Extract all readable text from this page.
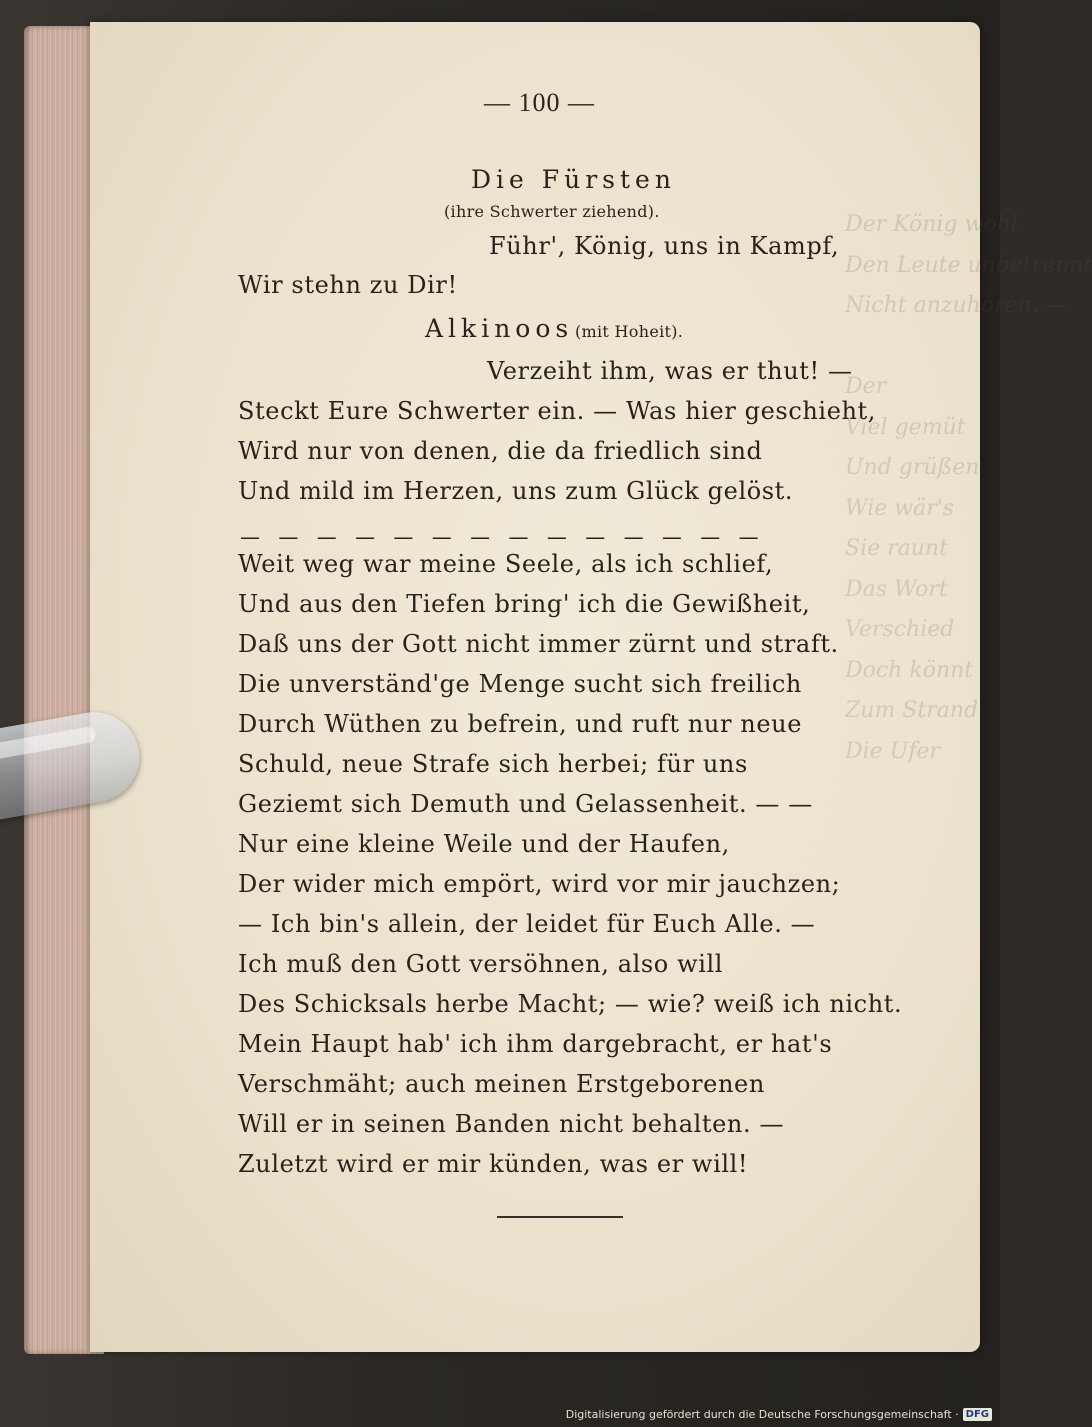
Der König wohl.
Den Leute unbetrennt
Nicht anzuhören. —

Der
Viel gemüt
Und grüßen
Wie wär's
Sie raunt
Das Wort
Verschied
Doch könnt
Zum Strand
Die Ufer
— 100 —
Die Fürsten
(ihre Schwerter ziehend).
Führ', König, uns in Kampf,
Wir stehn zu Dir!
Alkinoos (mit Hoheit).
Verzeiht ihm, was er thut! —
Steckt Eure Schwerter ein. — Was hier geschieht,
Wird nur von denen, die da friedlich sind
Und mild im Herzen, uns zum Glück gelöst.
— — — — — — — — — — — — — —
Weit weg war meine Seele, als ich schlief,
Und aus den Tiefen bring' ich die Gewißheit,
Daß uns der Gott nicht immer zürnt und straft.
Die unverständ'ge Menge sucht sich freilich
Durch Wüthen zu befrein, und ruft nur neue
Schuld, neue Strafe sich herbei; für uns
Geziemt sich Demuth und Gelassenheit. — —
Nur eine kleine Weile und der Haufen,
Der wider mich empört, wird vor mir jauchzen;
— Ich bin's allein, der leidet für Euch Alle. —
Ich muß den Gott versöhnen, also will
Des Schicksals herbe Macht; — wie? weiß ich nicht.
Mein Haupt hab' ich ihm dargebracht, er hat's
Verschmäht; auch meinen Erstgeborenen
Will er in seinen Banden nicht behalten. —
Zuletzt wird er mir künden, was er will!
Digitalisierung gefördert durch die Deutsche Forschungsgemeinschaft · DFG
